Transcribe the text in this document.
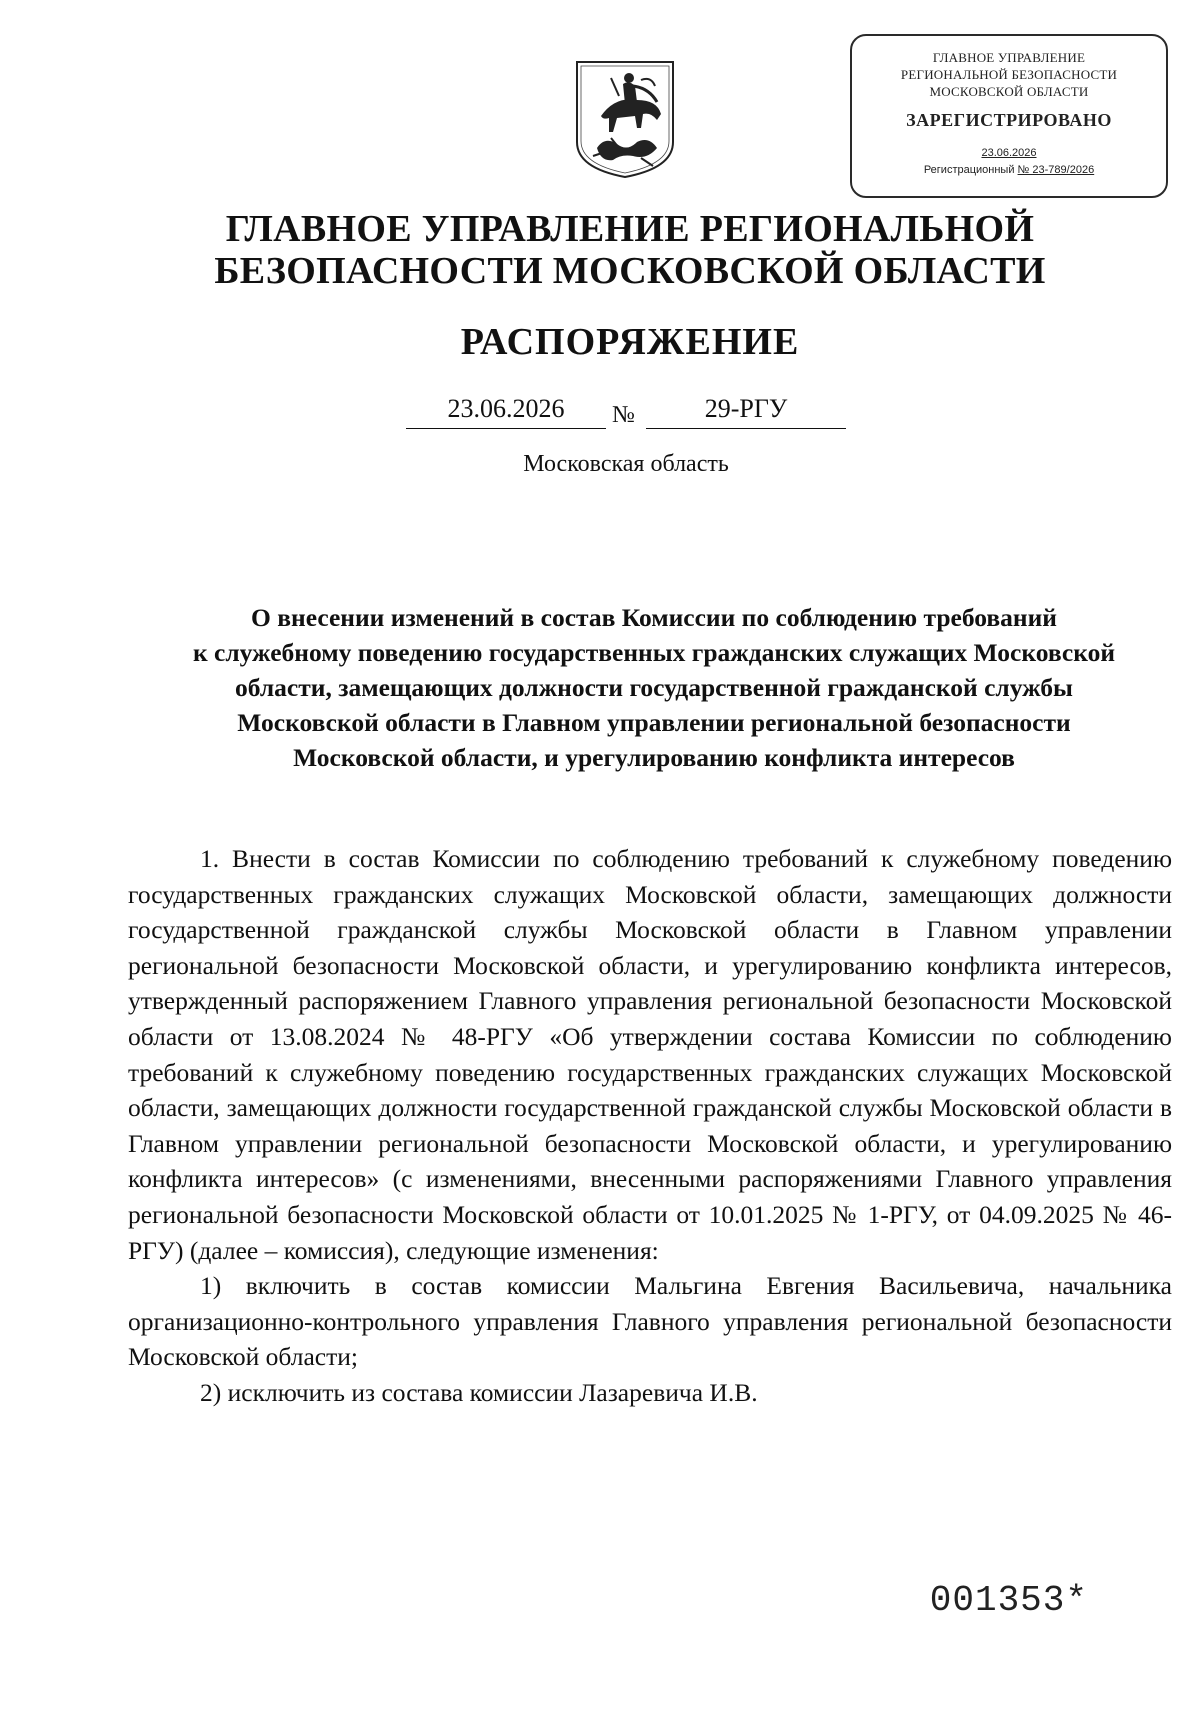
ГЛАВНОЕ УПРАВЛЕНИЕ
РЕГИОНАЛЬНОЙ БЕЗОПАСНОСТИ
МОСКОВСКОЙ ОБЛАСТИ
ЗАРЕГИСТРИРОВАНО
23.06.2026
Регистрационный № 23-789/2026
ГЛАВНОЕ УПРАВЛЕНИЕ РЕГИОНАЛЬНОЙ
БЕЗОПАСНОСТИ МОСКОВСКОЙ ОБЛАСТИ
РАСПОРЯЖЕНИЕ
23.06.2026	№	29-РГУ
Московская область
О внесении изменений в состав Комиссии по соблюдению требований
к служебному поведению государственных гражданских служащих Московской
области, замещающих должности государственной гражданской службы
Московской области в Главном управлении региональной безопасности
Московской области, и урегулированию конфликта интересов

1. Внести в состав Комиссии по соблюдению требований к служебному поведению государственных гражданских служащих Московской области, замещающих должности государственной гражданской службы Московской области в Главном управлении региональной безопасности Московской области, и урегулированию конфликта интересов, утвержденный распоряжением Главного управления региональной безопасности Московской области от 13.08.2024 № 48-РГУ «Об утверждении состава Комиссии по соблюдению требований к служебному поведению государственных гражданских служащих Московской области, замещающих должности государственной гражданской службы Московской области в Главном управлении региональной безопасности Московской области, и урегулированию конфликта интересов» (с изменениями, внесенными распоряжениями Главного управления региональной безопасности Московской области от 10.01.2025 № 1-РГУ, от 04.09.2025 № 46-РГУ) (далее – комиссия), следующие изменения:

1) включить в состав комиссии Мальгина Евгения Васильевича, начальника организационно-контрольного управления Главного управления региональной безопасности Московской области;

2) исключить из состава комиссии Лазаревича И.В.

001353*
